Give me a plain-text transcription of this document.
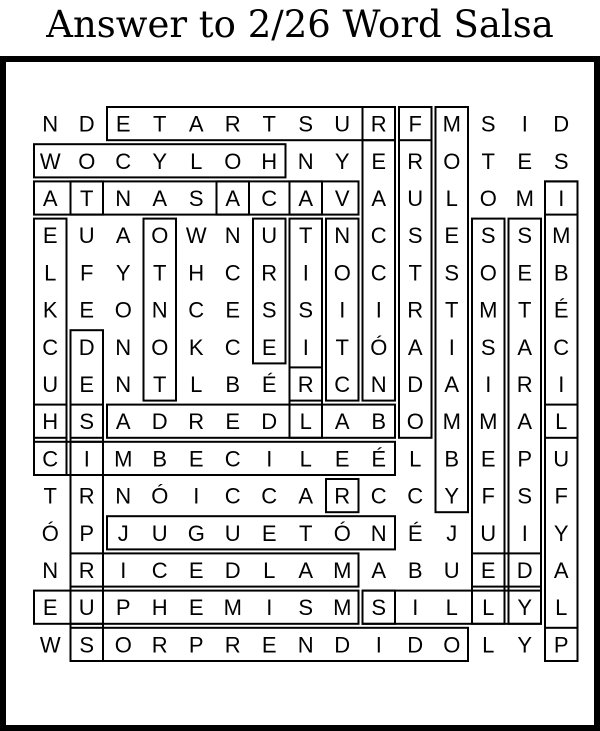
Answer to 2/26 Word Salsa
N D E T A R T S U R F M S I D
W O C Y L O H N Y E R O T E S
A T N A S A C A V A U L O M I
E U A O W N U T N C S E S S M
L F Y T H C R I O C T S O E B
K E O N C E S S I I R T M T É
C D N O K C E I T Ó A I S A C
U E N T L B É R C N D A I R I
H S A D R E D L A B O M M A L
C I M B E C I L E É L B E P U
T R N Ó I C C A R C C Y F S F
Ó P J U G U E T Ó N É J U I Y
N R I C E D L A M A B U E D A
E U P H E M I S M S I L L Y L
W S O R P R E N D I D O L Y P
